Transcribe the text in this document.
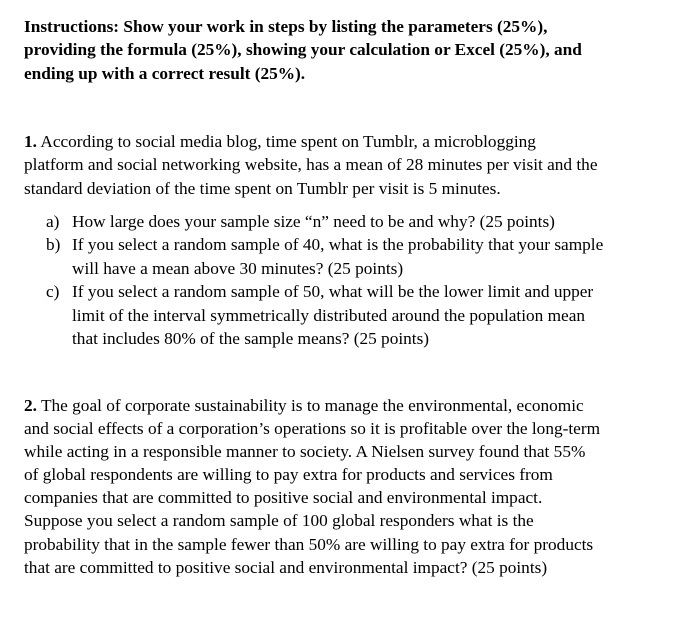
Instructions: Show your work in steps by listing the parameters (25%),
providing the formula (25%), showing your calculation or Excel (25%), and
ending up with a correct result (25%).
1. According to social media blog, time spent on Tumblr, a microblogging
platform and social networking website, has a mean of 28 minutes per visit and the
standard deviation of the time spent on Tumblr per visit is 5 minutes.
a) How large does your sample size “n” need to be and why? (25 points)
b) If you select a random sample of 40, what is the probability that your sample
will have a mean above 30 minutes? (25 points)
c) If you select a random sample of 50, what will be the lower limit and upper
limit of the interval symmetrically distributed around the population mean
that includes 80% of the sample means? (25 points)
2. The goal of corporate sustainability is to manage the environmental, economic
and social effects of a corporation’s operations so it is profitable over the long-term
while acting in a responsible manner to society. A Nielsen survey found that 55%
of global respondents are willing to pay extra for products and services from
companies that are committed to positive social and environmental impact.
Suppose you select a random sample of 100 global responders what is the
probability that in the sample fewer than 50% are willing to pay extra for products
that are committed to positive social and environmental impact? (25 points)
